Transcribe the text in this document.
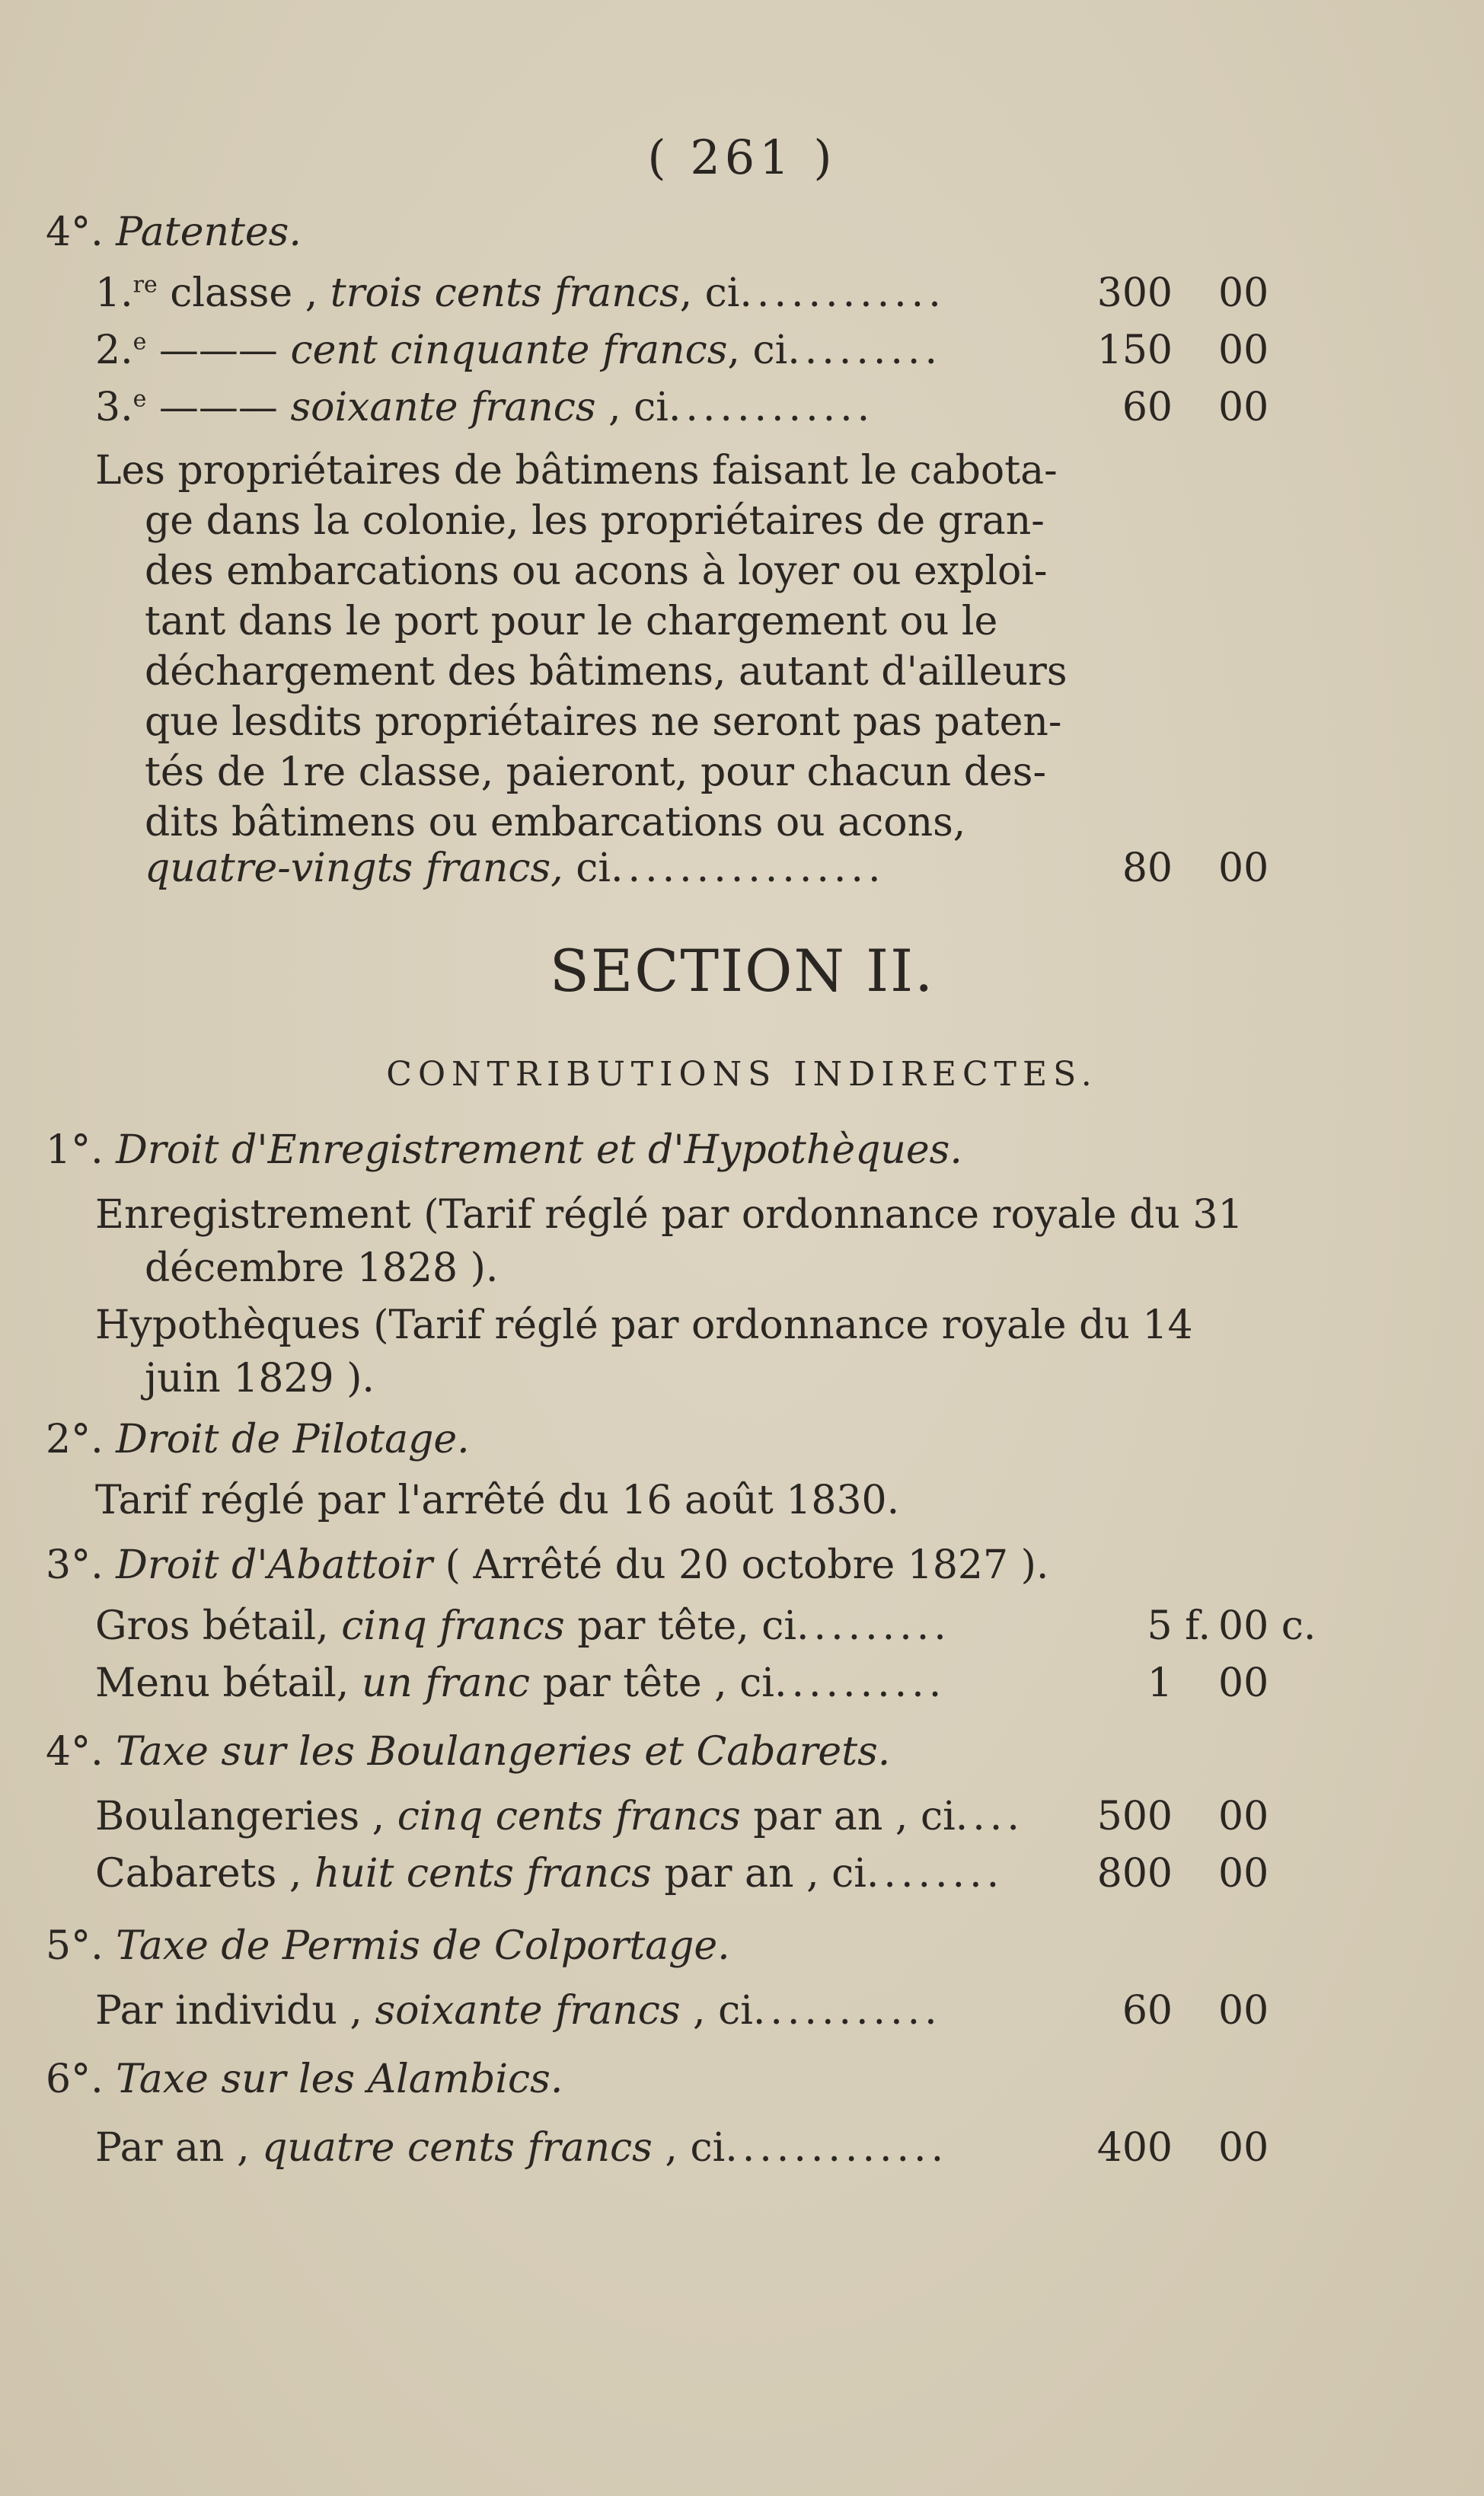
( 261 )
4°. Patentes.
1.$^{re}$ classe , trois cents francs, ci............	300 00
2.$^e$ ——— cent cinquante francs, ci.........	150 00
3.$^e$ ——— soixante francs , ci............	60 00
Les propriétaires de bâtimens faisant le cabota-
ge dans la colonie, les propriétaires de gran-
des embarcations ou acons à loyer ou exploi-
tant dans le port pour le chargement ou le
déchargement des bâtimens, autant d'ailleurs
que lesdits propriétaires ne seront pas paten-
tés de 1re classe, paieront, pour chacun des-
dits bâtimens ou embarcations ou acons,
quatre-vingts francs, ci................	80 00
SECTION II.
CONTRIBUTIONS INDIRECTES.
1°. Droit d'Enregistrement et d'Hypothèques.
Enregistrement (Tarif réglé par ordonnance royale du 31
décembre 1828 ).
Hypothèques (Tarif réglé par ordonnance royale du 14
juin 1829 ).
2°. Droit de Pilotage.
Tarif réglé par l'arrêté du 16 août 1830.
3°. Droit d'Abattoir ( Arrêté du 20 octobre 1827 ).
Gros bétail, cinq francs par tête, ci.........	5 f. 00 c.
Menu bétail, un franc par tête , ci..........	1 00
4°. Taxe sur les Boulangeries et Cabarets.
Boulangeries , cinq cents francs par an , ci....	500 00
Cabarets , huit cents francs par an , ci........	800 00
5°. Taxe de Permis de Colportage.
Par individu , soixante francs , ci...........	60 00
6°. Taxe sur les Alambics.
Par an , quatre cents francs , ci.............	400 00
